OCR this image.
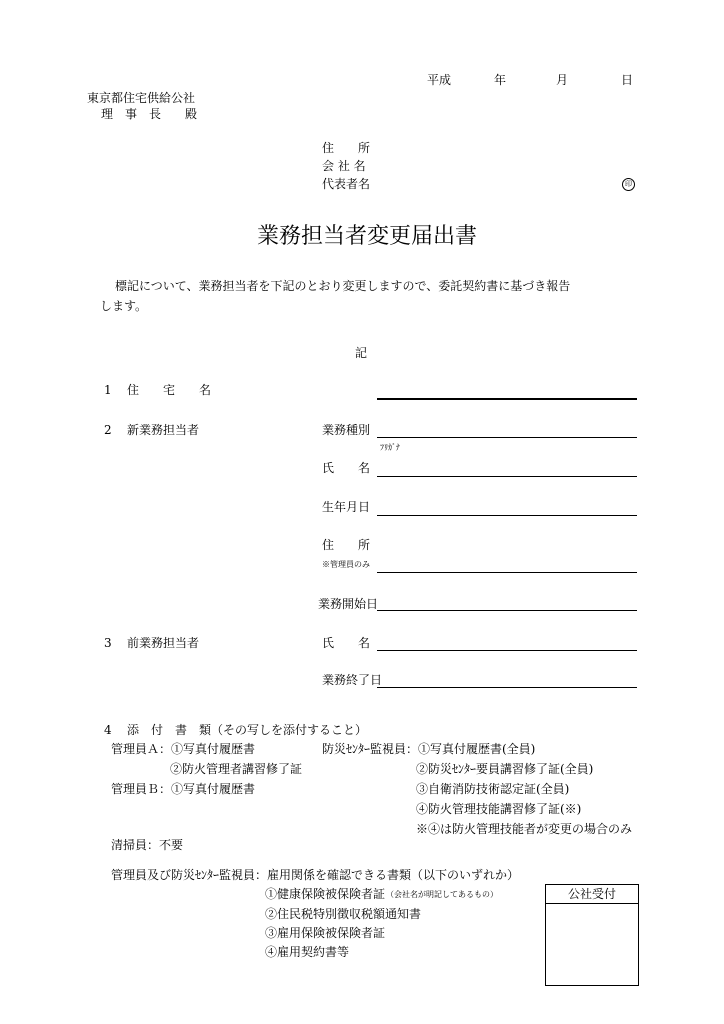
平成	年	月	日
東京都住宅供給公社
理　事　長　　殿
住　　所
会 社 名
代表者名	印
業務担当者変更届出書
標記について、業務担当者を下記のとおり変更しますので、委託契約書に基づき報告
します。
記
1 住　　宅　　名
2 新業務担当者	業務種別
ﾌﾘｶﾞﾅ
氏　　名
生年月日
住　　所
※管理員のみ
業務開始日
3 前業務担当者	氏　　名
業務終了日
4 添　付　書　類（その写しを添付すること）
管理員Ａ：①写真付履歴書
②防火管理者講習修了証
管理員Ｂ：①写真付履歴書
防災ｾﾝﾀｰ監視員：①写真付履歴書(全員)
②防災ｾﾝﾀｰ要員講習修了証(全員)
③自衛消防技術認定証(全員)
④防火管理技能講習修了証(※)
※④は防火管理技能者が変更の場合のみ
清掃員：不要
管理員及び防災ｾﾝﾀｰ監視員：雇用関係を確認できる書類（以下のいずれか）
①健康保険被保険者証 （会社名が明記してあるもの）
②住民税特別徴収税額通知書
③雇用保険被保険者証
④雇用契約書等
公社受付
